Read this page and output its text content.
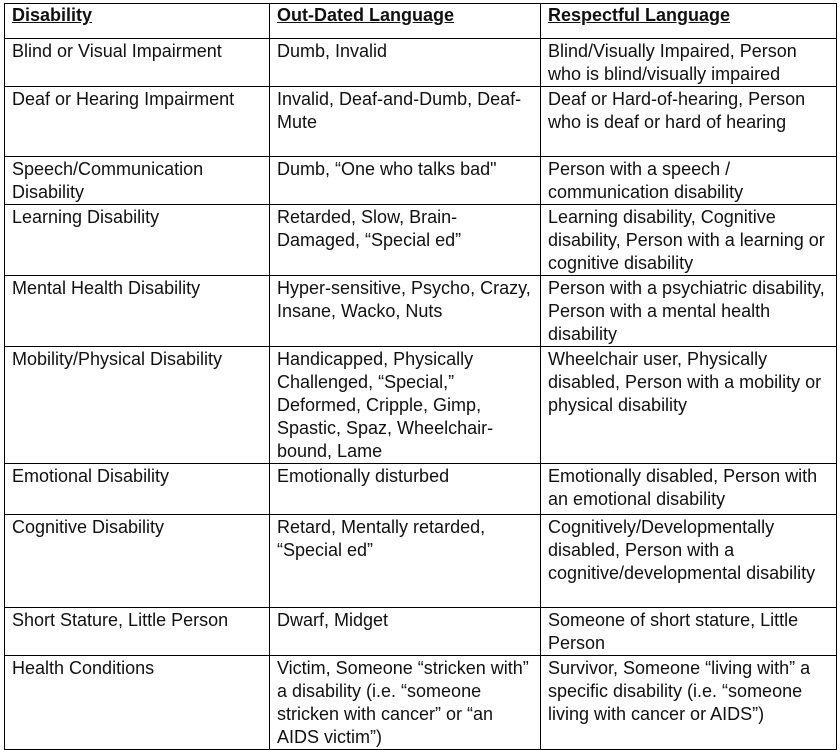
Disability	Out-Dated Language	Respectful Language
Blind or Visual Impairment	Dumb, Invalid	Blind/Visually Impaired, Person who is blind/visually impaired
Deaf or Hearing Impairment	Invalid, Deaf-and-Dumb, Deaf-Mute	Deaf or Hard-of-hearing, Person who is deaf or hard of hearing
Speech/Communication Disability	Dumb, “One who talks bad"	Person with a speech / communication disability
Learning Disability	Retarded, Slow, Brain-Damaged, “Special ed”	Learning disability, Cognitive disability, Person with a learning or cognitive disability
Mental Health Disability	Hyper-sensitive, Psycho, Crazy, Insane, Wacko, Nuts	Person with a psychiatric disability, Person with a mental health disability
Mobility/Physical Disability	Handicapped, Physically Challenged, “Special,” Deformed, Cripple, Gimp, Spastic, Spaz, Wheelchair-bound, Lame	Wheelchair user, Physically disabled, Person with a mobility or physical disability
Emotional Disability	Emotionally disturbed	Emotionally disabled, Person with an emotional disability
Cognitive Disability	Retard, Mentally retarded, “Special ed”	Cognitively/Developmentally disabled, Person with a cognitive/developmental disability
Short Stature, Little Person	Dwarf, Midget	Someone of short stature, Little Person
Health Conditions	Victim, Someone “stricken with” a disability (i.e. “someone stricken with cancer” or “an AIDS victim”)	Survivor, Someone “living with” a specific disability (i.e. “someone living with cancer or AIDS”)
